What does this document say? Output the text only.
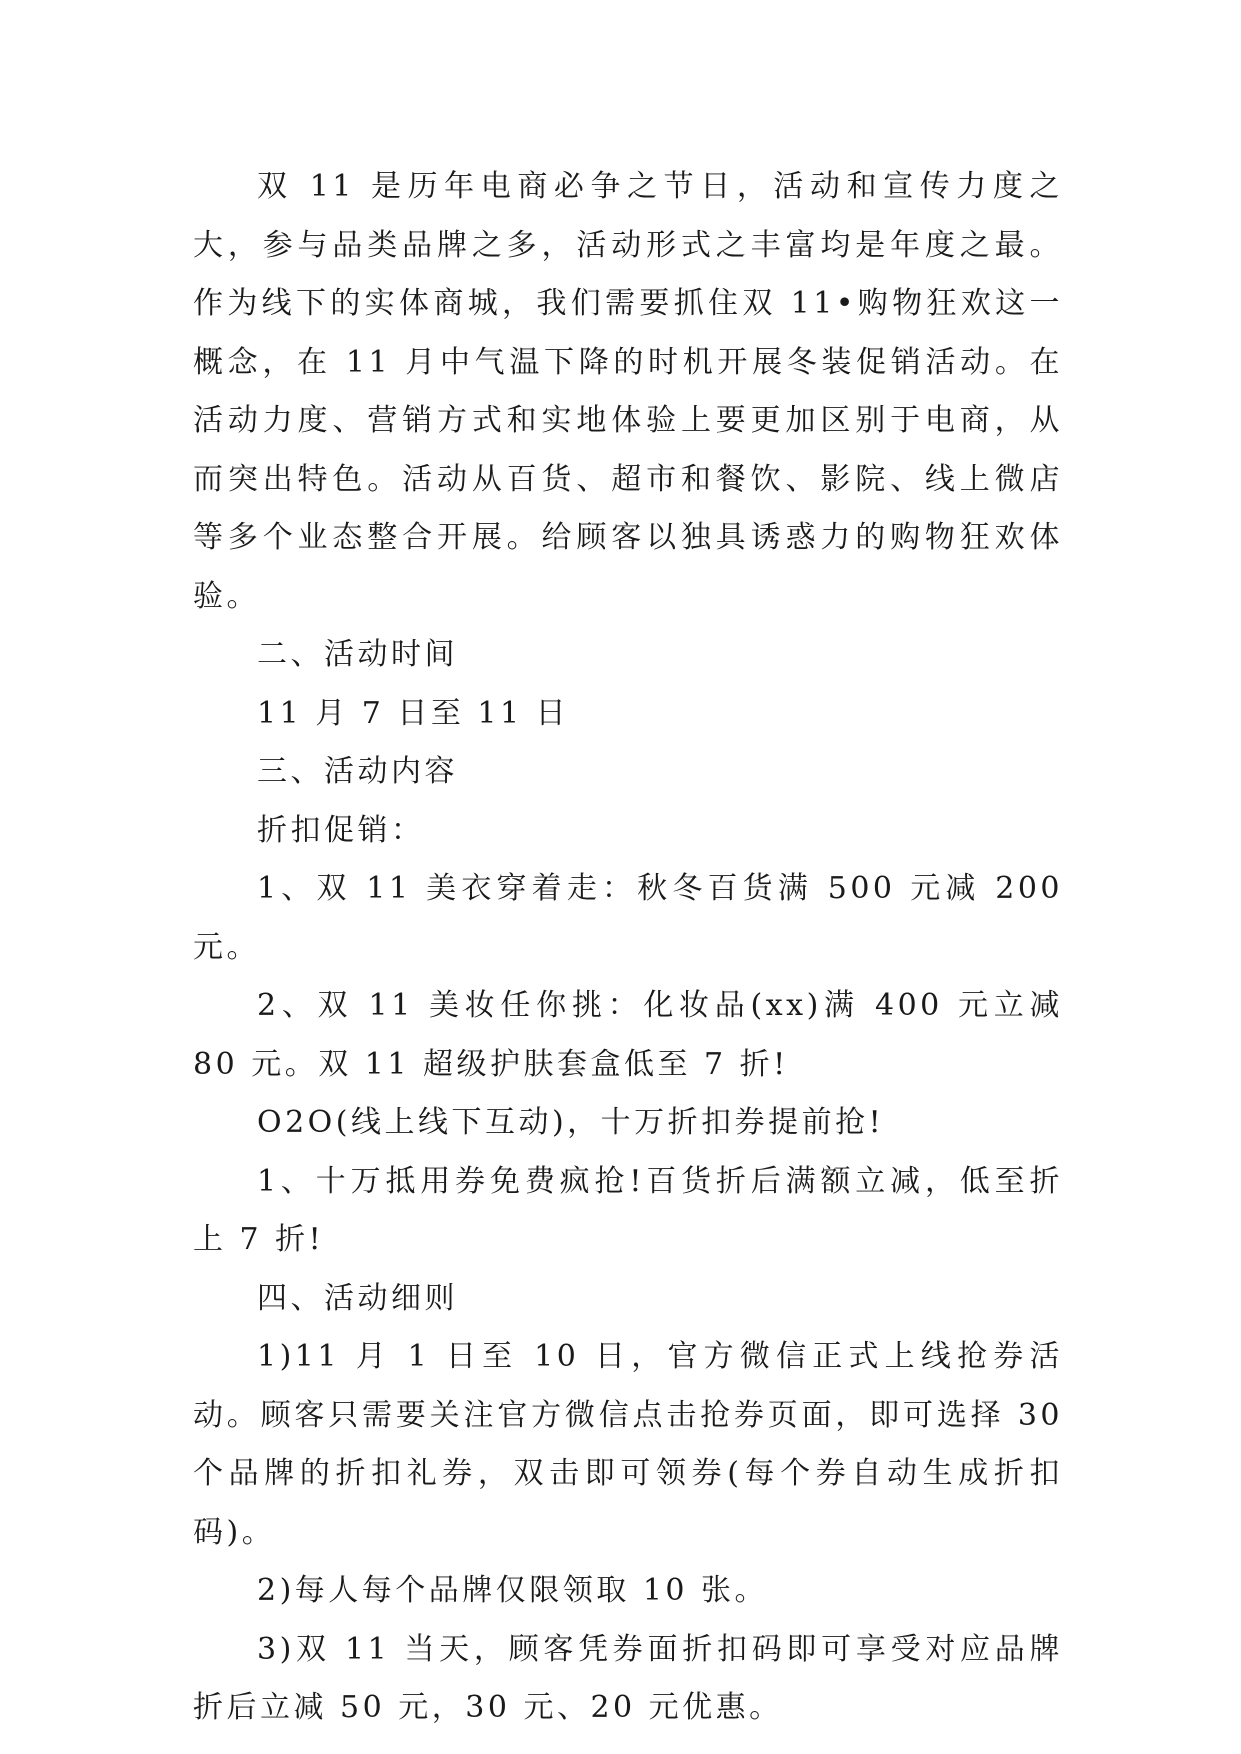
双 11 是历年电商必争之节日，活动和宣传力度之大，参与品类品牌之多，活动形式之丰富均是年度之最。作为线下的实体商城，我们需要抓住双 11•购物狂欢这一概念，在 11 月中气温下降的时机开展冬装促销活动。在活动力度、营销方式和实地体验上要更加区别于电商，从而突出特色。活动从百货、超市和餐饮、影院、线上微店等多个业态整合开展。给顾客以独具诱惑力的购物狂欢体验。

二、活动时间

11 月 7 日至 11 日

三、活动内容

折扣促销：

1、双 11 美衣穿着走：秋冬百货满 500 元减 200 元。

2、双 11 美妆任你挑：化妆品(xx)满 400 元立减 80 元。双 11 超级护肤套盒低至 7 折!

O2O(线上线下互动)，十万折扣券提前抢!

1、十万抵用券免费疯抢!百货折后满额立减，低至折上 7 折!

四、活动细则

1)11 月 1 日至 10 日，官方微信正式上线抢券活动。顾客只需要关注官方微信点击抢券页面，即可选择 30 个品牌的折扣礼券，双击即可领券(每个券自动生成折扣码)。

2)每人每个品牌仅限领取 10 张。

3)双 11 当天，顾客凭券面折扣码即可享受对应品牌折后立减 50 元，30 元、20 元优惠。
